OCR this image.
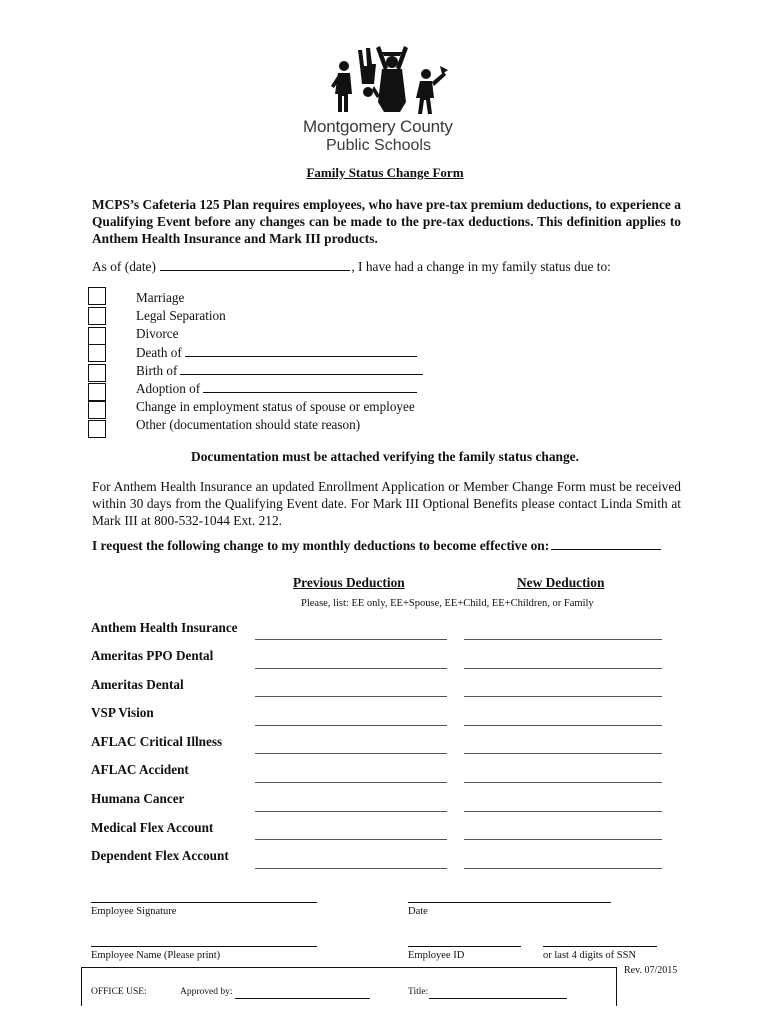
Montgomery County
Public Schools
Family Status Change Form
MCPS’s Cafeteria 125 Plan requires employees, who have pre-tax premium deductions, to experience a Qualifying Event before any changes can be made to the pre-tax deductions. This definition applies to Anthem Health Insurance and Mark III products.
As of (date)	, I have had a change in my family status due to:
Marriage
Legal Separation
Divorce
Death of
Birth of
Adoption of
Change in employment status of spouse or employee
Other (documentation should state reason)
Documentation must be attached verifying the family status change.
For Anthem Health Insurance an updated Enrollment Application or Member Change Form must be received within 30 days from the Qualifying Event date. For Mark III Optional Benefits please contact Linda Smith at Mark III at 800-532-1044 Ext. 212.
I request the following change to my monthly deductions to become effective on:
Previous Deduction	New Deduction
Please, list: EE only, EE+Spouse, EE+Child, EE+Children, or Family
Anthem Health Insurance
Ameritas PPO Dental
Ameritas Dental
VSP Vision
AFLAC Critical Illness
AFLAC Accident
Humana Cancer
Medical Flex Account
Dependent Flex Account
Employee Signature	Date
Employee Name (Please print)	Employee ID	or last 4 digits of SSN
Rev. 07/2015
OFFICE USE:	Approved by:	Title:
